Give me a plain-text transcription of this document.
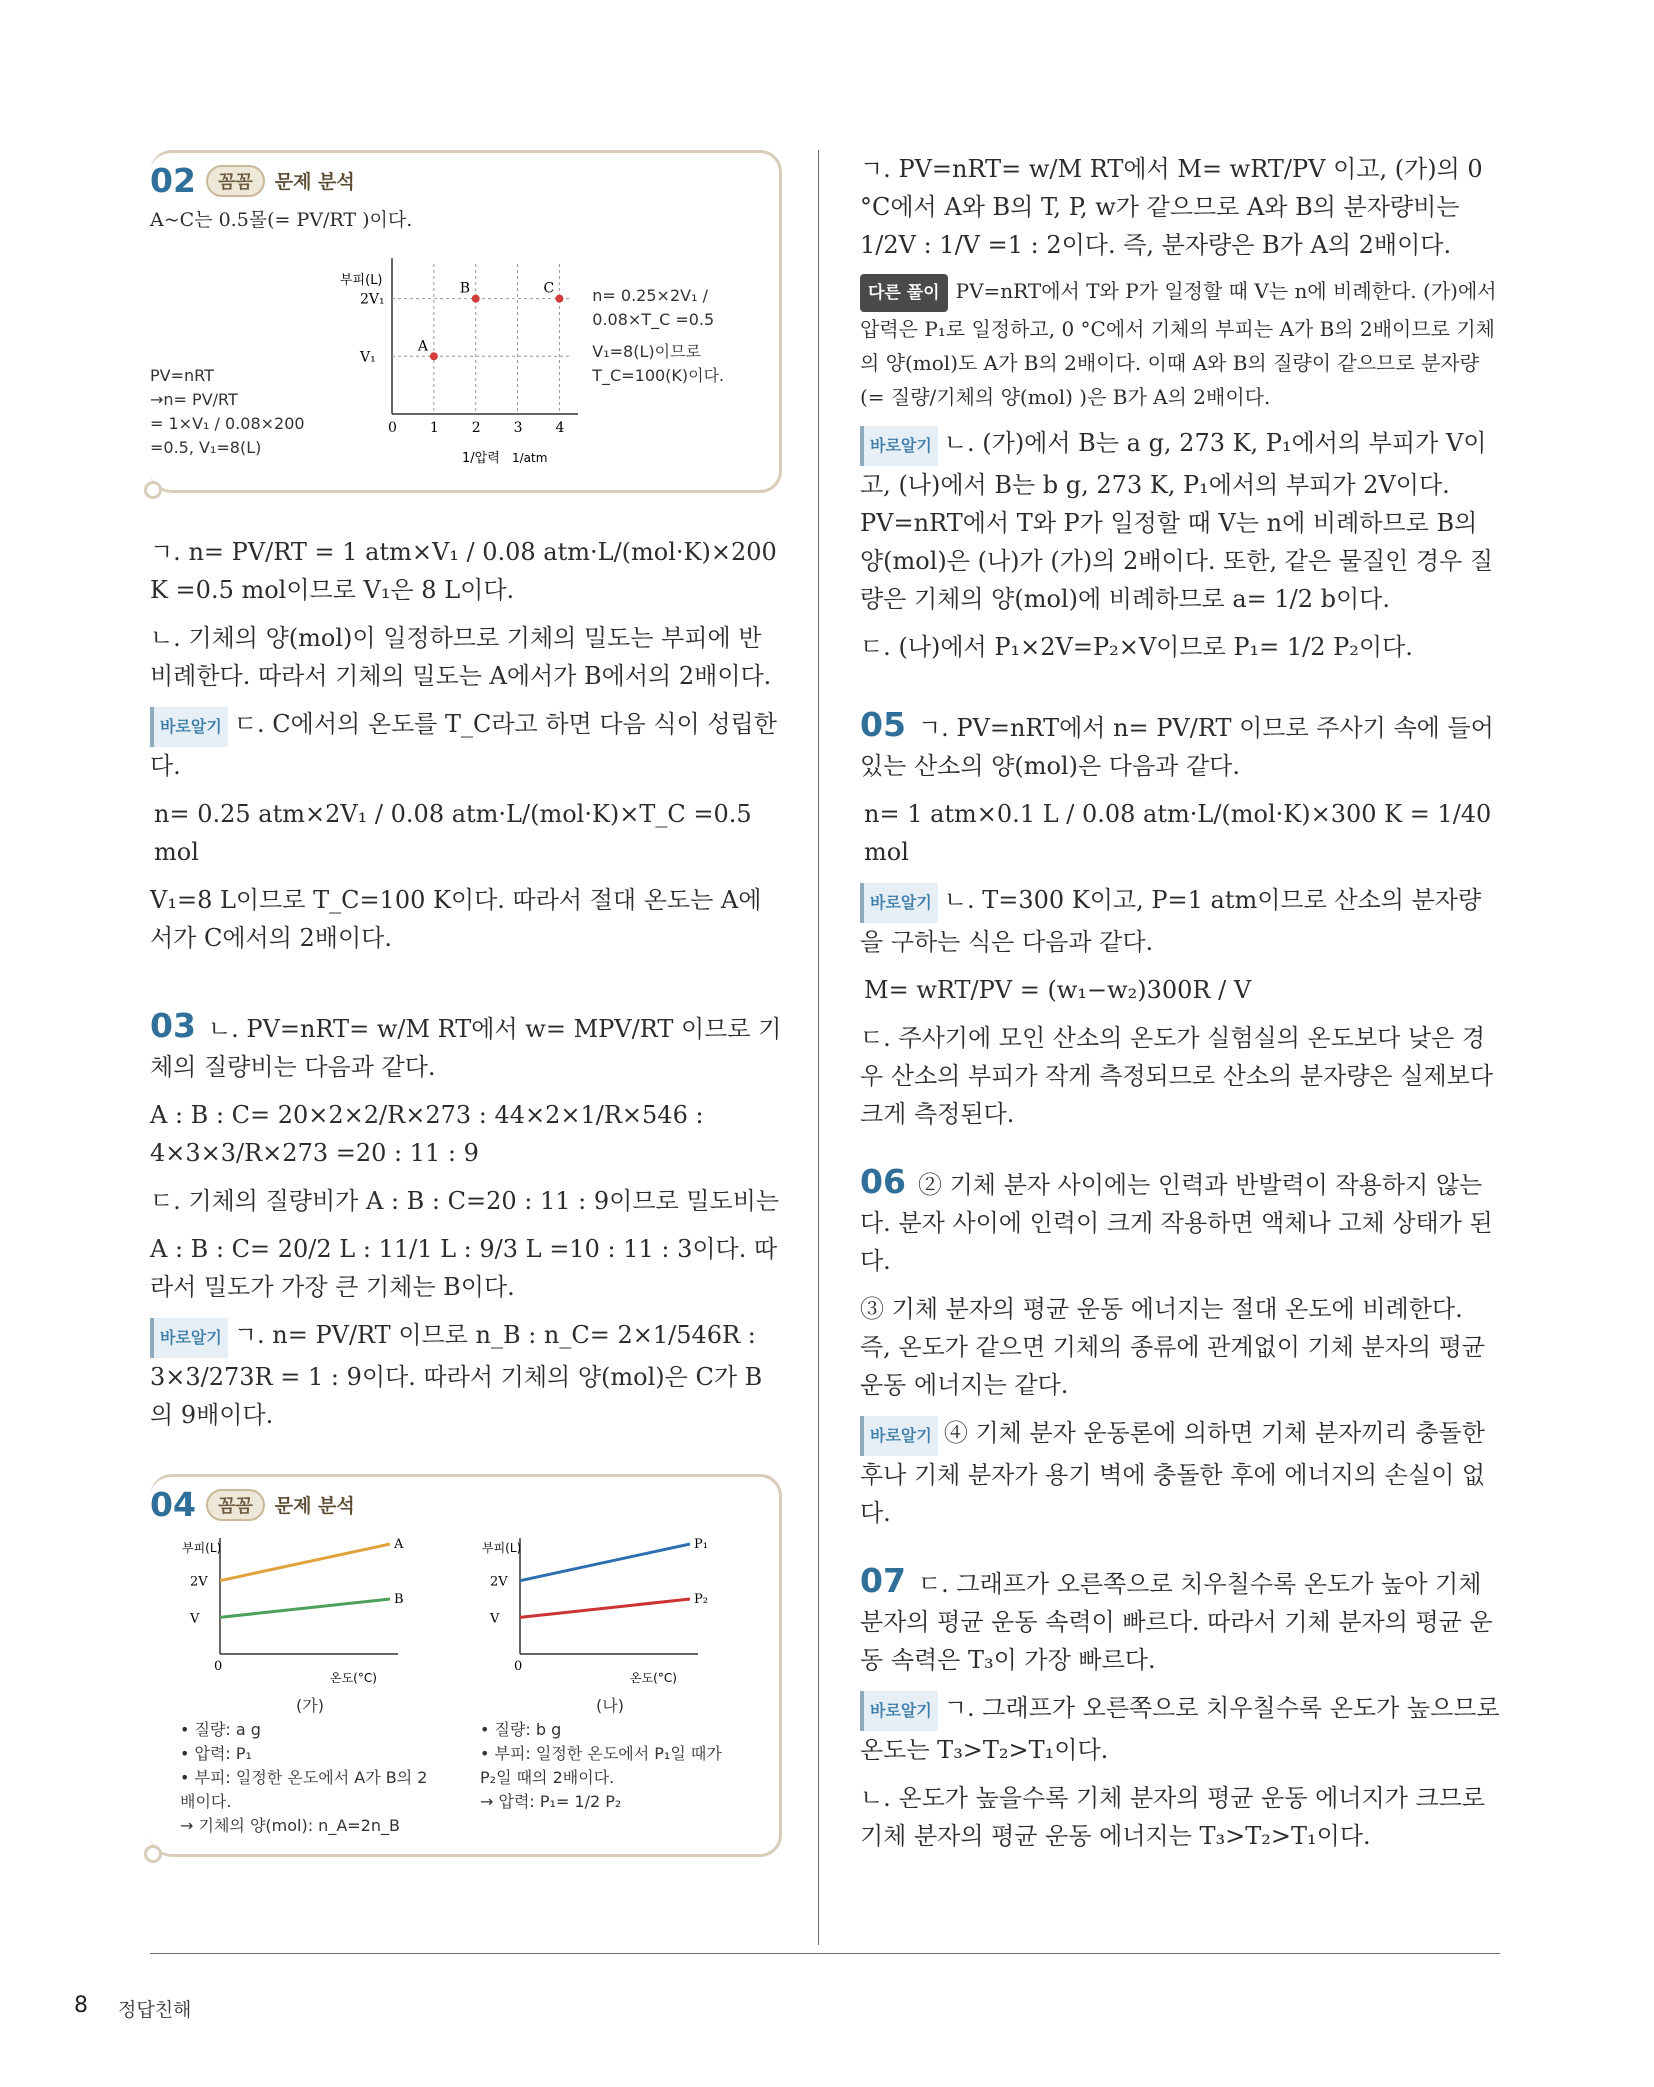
02	꼼꼼	문제 분석

A~C는 0.5몰(= PV/RT )이다.

PV=nRT
→n= PV/RT
= 1×V₁ / 0.08×200 =0.5, V₁=8(L)
0 1 2 3 4
V₁
2V₁
부피(L)
1/압력 1/atm
A
B	C n= 0.25×2V₁ / 0.08×T_C =0.5
V₁=8(L)이므로 T_C=100(K)이다.

ㄱ. n= PV/RT = 1 atm×V₁ / 0.08 atm·L/(mol·K)×200 K =0.5 mol이므로 V₁은 8 L이다.

ㄴ. 기체의 양(mol)이 일정하므로 기체의 밀도는 부피에 반비례한다. 따라서 기체의 밀도는 A에서가 B에서의 2배이다.

바로알기 ㄷ. C에서의 온도를 T_C라고 하면 다음 식이 성립한다.

n= 0.25 atm×2V₁ / 0.08 atm·L/(mol·K)×T_C =0.5 mol

V₁=8 L이므로 T_C=100 K이다. 따라서 절대 온도는 A에서가 C에서의 2배이다.

03 ㄴ. PV=nRT= w/M RT에서 w= MPV/RT 이므로 기체의 질량비는 다음과 같다.

A : B : C= 20×2×2/R×273 : 44×2×1/R×546 : 4×3×3/R×273 =20 : 11 : 9

ㄷ. 기체의 질량비가 A : B : C=20 : 11 : 9이므로 밀도비는

A : B : C= 20/2 L : 11/1 L : 9/3 L =10 : 11 : 3이다. 따라서 밀도가 가장 큰 기체는 B이다.

바로알기 ㄱ. n= PV/RT 이므로 n_B : n_C= 2×1/546R : 3×3/273R = 1 : 9이다. 따라서 기체의 양(mol)은 C가 B의 9배이다.

04	꼼꼼	문제 분석
0
V
2V
부피(L)
온도(°C)
A
B
(가)
• 질량: a g
• 압력: P₁
• 부피: 일정한 온도에서 A가 B의 2배이다.
→ 기체의 양(mol): n_A=2n_B
0
V
2V
부피(L)
온도(°C)
P₁
P₂
(나)
• 질량: b g
• 부피: 일정한 온도에서 P₁일 때가 P₂일 때의 2배이다.
→ 압력: P₁= 1/2 P₂

ㄱ. PV=nRT= w/M RT에서 M= wRT/PV 이고, (가)의 0 °C에서 A와 B의 T, P, w가 같으므로 A와 B의 분자량비는 1/2V : 1/V =1 : 2이다. 즉, 분자량은 B가 A의 2배이다.

다른 풀이 PV=nRT에서 T와 P가 일정할 때 V는 n에 비례한다. (가)에서 압력은 P₁로 일정하고, 0 °C에서 기체의 부피는 A가 B의 2배이므로 기체의 양(mol)도 A가 B의 2배이다. 이때 A와 B의 질량이 같으므로 분자량(= 질량/기체의 양(mol) )은 B가 A의 2배이다.

바로알기 ㄴ. (가)에서 B는 a g, 273 K, P₁에서의 부피가 V이고, (나)에서 B는 b g, 273 K, P₁에서의 부피가 2V이다. PV=nRT에서 T와 P가 일정할 때 V는 n에 비례하므로 B의 양(mol)은 (나)가 (가)의 2배이다. 또한, 같은 물질인 경우 질량은 기체의 양(mol)에 비례하므로 a= 1/2 b이다.

ㄷ. (나)에서 P₁×2V=P₂×V이므로 P₁= 1/2 P₂이다.

05 ㄱ. PV=nRT에서 n= PV/RT 이므로 주사기 속에 들어 있는 산소의 양(mol)은 다음과 같다.

n= 1 atm×0.1 L / 0.08 atm·L/(mol·K)×300 K = 1/40 mol

바로알기 ㄴ. T=300 K이고, P=1 atm이므로 산소의 분자량을 구하는 식은 다음과 같다.

M= wRT/PV = (w₁−w₂)300R / V

ㄷ. 주사기에 모인 산소의 온도가 실험실의 온도보다 낮은 경우 산소의 부피가 작게 측정되므로 산소의 분자량은 실제보다 크게 측정된다.

06 ② 기체 분자 사이에는 인력과 반발력이 작용하지 않는다. 분자 사이에 인력이 크게 작용하면 액체나 고체 상태가 된다.

③ 기체 분자의 평균 운동 에너지는 절대 온도에 비례한다. 즉, 온도가 같으면 기체의 종류에 관계없이 기체 분자의 평균 운동 에너지는 같다.

바로알기 ④ 기체 분자 운동론에 의하면 기체 분자끼리 충돌한 후나 기체 분자가 용기 벽에 충돌한 후에 에너지의 손실이 없다.

07 ㄷ. 그래프가 오른쪽으로 치우칠수록 온도가 높아 기체 분자의 평균 운동 속력이 빠르다. 따라서 기체 분자의 평균 운동 속력은 T₃이 가장 빠르다.

바로알기 ㄱ. 그래프가 오른쪽으로 치우칠수록 온도가 높으므로 온도는 T₃>T₂>T₁이다.

ㄴ. 온도가 높을수록 기체 분자의 평균 운동 에너지가 크므로 기체 분자의 평균 운동 에너지는 T₃>T₂>T₁이다.

8 정답친해
